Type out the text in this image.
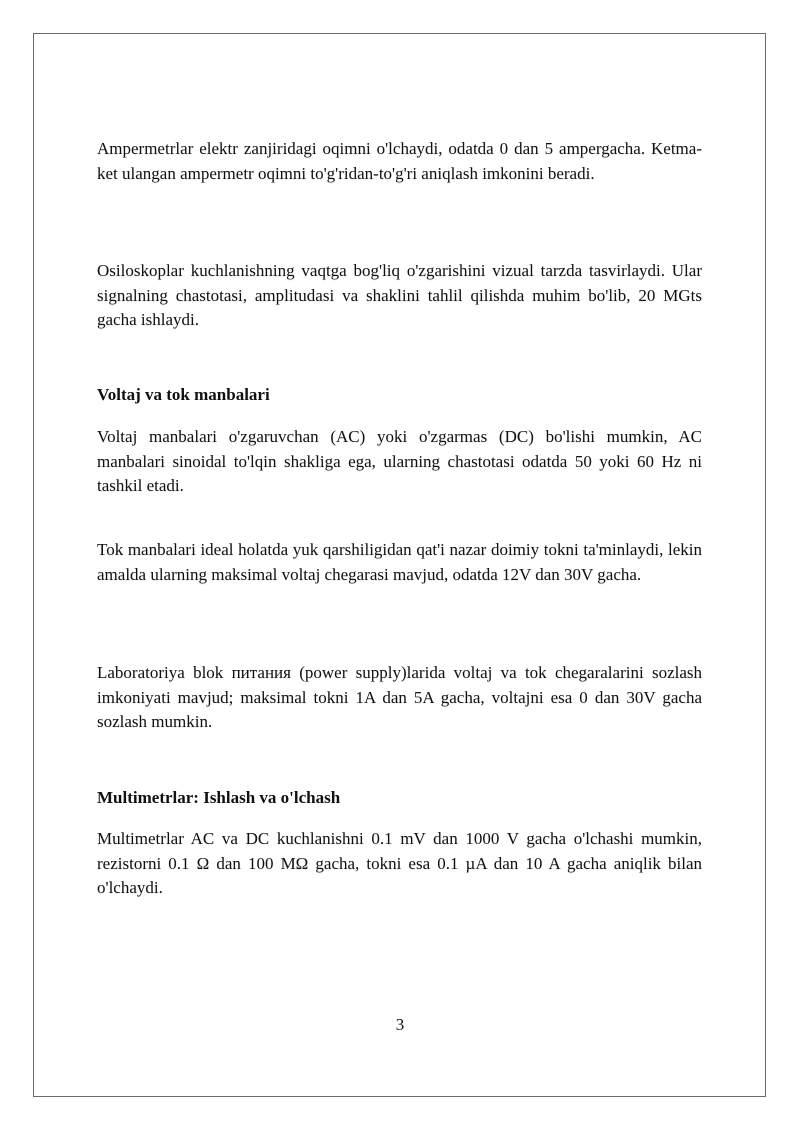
Ampermetrlar elektr zanjiridagi oqimni o'lchaydi, odatda 0 dan 5 ampergacha. Ketma-ket ulangan ampermetr oqimni to'g'ridan-to'g'ri aniqlash imkonini beradi.

Osiloskoplar kuchlanishning vaqtga bog'liq o'zgarishini vizual tarzda tasvirlaydi. Ular signalning chastotasi, amplitudasi va shaklini tahlil qilishda muhim bo'lib, 20 MGts gacha ishlaydi.

Voltaj va tok manbalari

Voltaj manbalari o'zgaruvchan (AC) yoki o'zgarmas (DC) bo'lishi mumkin, AC manbalari sinoidal to'lqin shakliga ega, ularning chastotasi odatda 50 yoki 60 Hz ni tashkil etadi.

Tok manbalari ideal holatda yuk qarshiligidan qat'i nazar doimiy tokni ta'minlaydi, lekin amalda ularning maksimal voltaj chegarasi mavjud, odatda 12V dan 30V gacha.

Laboratoriya blok питания (power supply)larida voltaj va tok chegaralarini sozlash imkoniyati mavjud; maksimal tokni 1A dan 5A gacha, voltajni esa 0 dan 30V gacha sozlash mumkin.

Multimetrlar: Ishlash va o'lchash

Multimetrlar AC va DC kuchlanishni 0.1 mV dan 1000 V gacha o'lchashi mumkin, rezistorni 0.1 Ω dan 100 MΩ gacha, tokni esa 0.1 µA dan 10 A gacha aniqlik bilan o'lchaydi.

3
